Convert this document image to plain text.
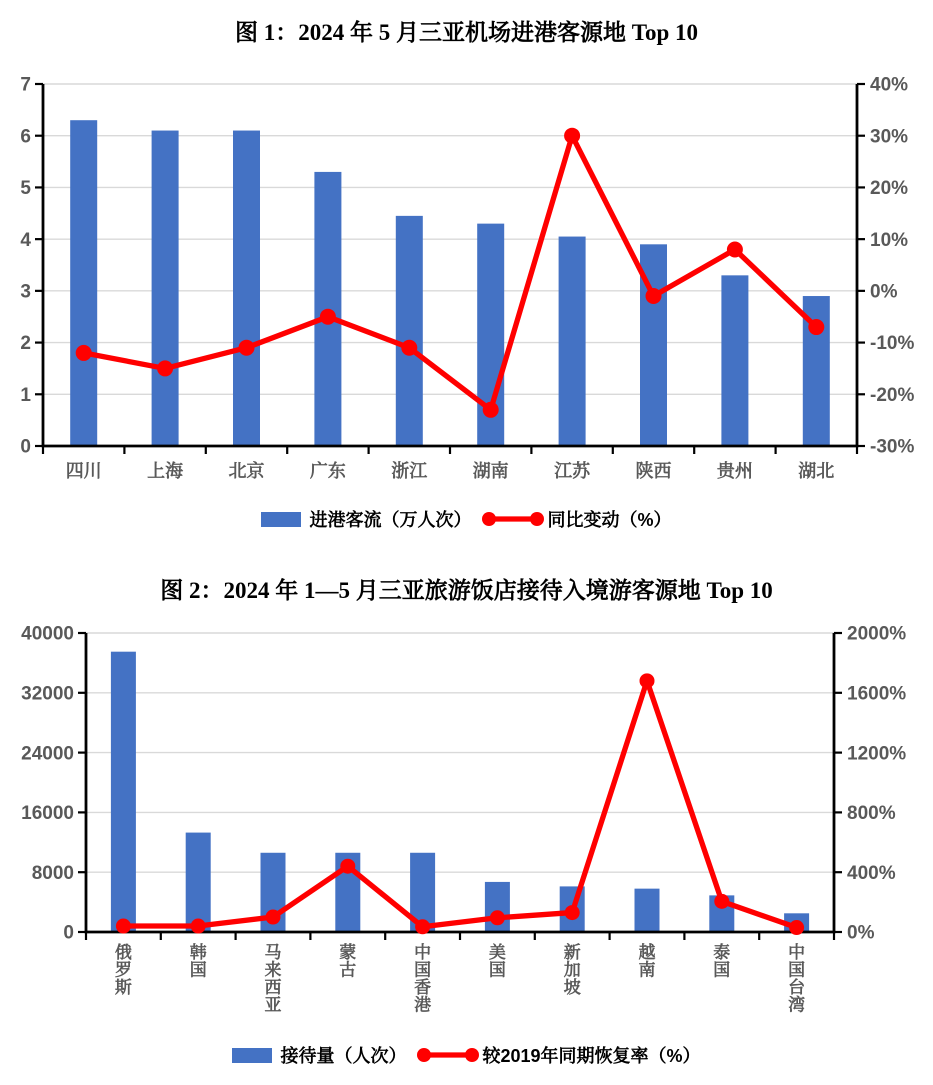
图 1：2024 年 5 月三亚机场进港客源地 Top 10
0
1
2
3
4
5
6
7
-30%
-20%
-10%
0%
10%
20%
30%
40%
四川	上海	北京	广东	浙江	湖南	江苏	陕西	贵州	湖北
进港客流（万人次）	同比变动（%）
图 2：2024 年 1—5 月三亚旅游饭店接待入境游客源地 Top 10
0
8000
16000
24000
32000
40000
0%
400%
800%
1200%
1600%
2000%
俄罗斯
韩国
马来西亚
蒙古
中国香港
美国
新加坡
越南
泰国
中国台湾
接待量（人次）	较2019年同期恢复率（%）
